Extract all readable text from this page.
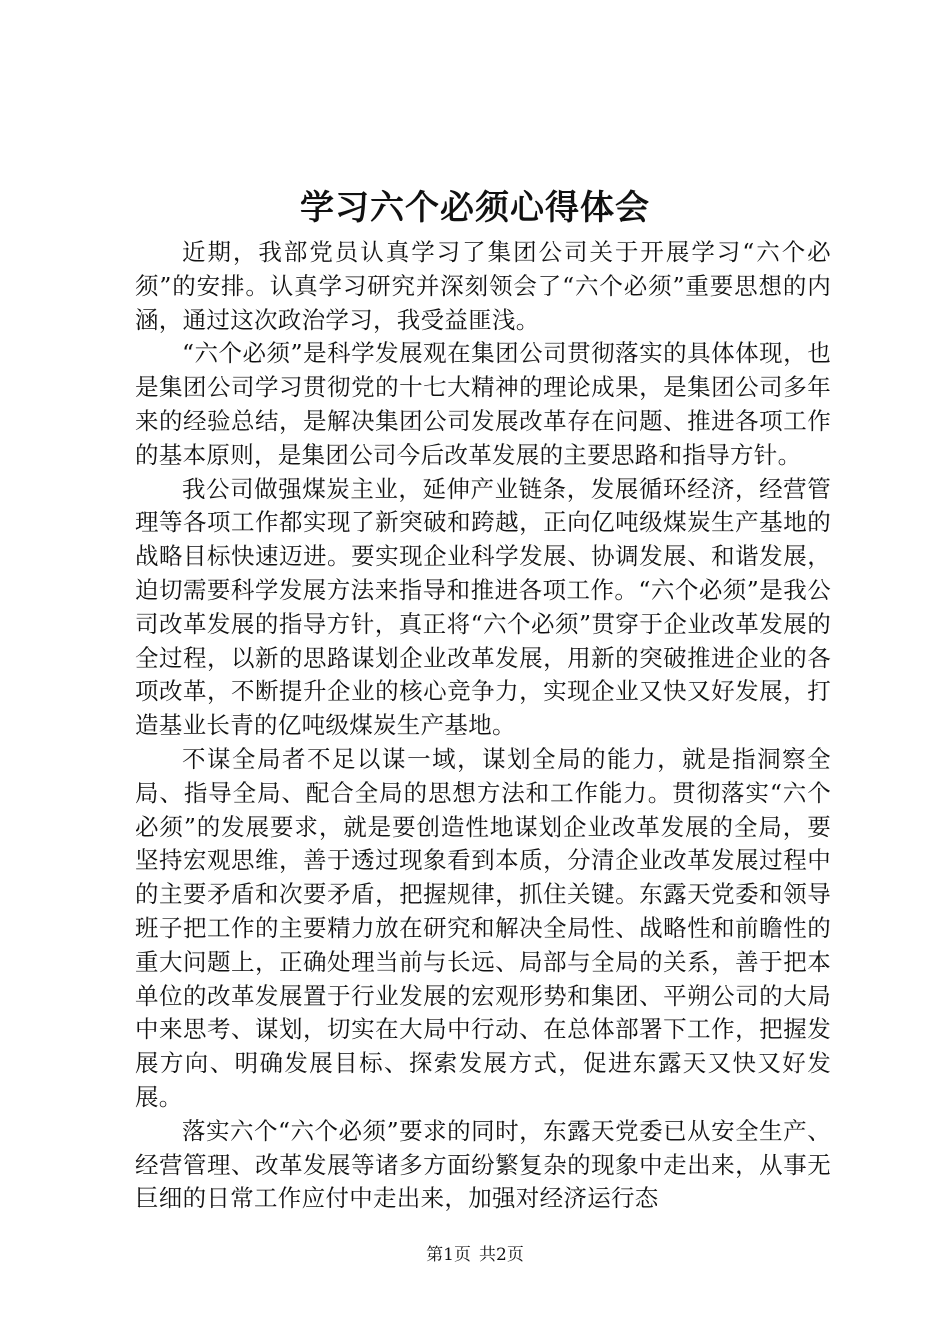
学习六个必须心得体会

近期，我部党员认真学习了集团公司关于开展学习“六个必须”的安排。认真学习研究并深刻领会了“六个必须”重要思想的内涵，通过这次政治学习，我受益匪浅。

“六个必须”是科学发展观在集团公司贯彻落实的具体体现，也是集团公司学习贯彻党的十七大精神的理论成果，是集团公司多年来的经验总结，是解决集团公司发展改革存在问题、推进各项工作的基本原则，是集团公司今后改革发展的主要思路和指导方针。

我公司做强煤炭主业，延伸产业链条，发展循环经济，经营管理等各项工作都实现了新突破和跨越，正向亿吨级煤炭生产基地的战略目标快速迈进。要实现企业科学发展、协调发展、和谐发展，迫切需要科学发展方法来指导和推进各项工作。“六个必须”是我公司改革发展的指导方针，真正将“六个必须”贯穿于企业改革发展的全过程，以新的思路谋划企业改革发展，用新的突破推进企业的各项改革，不断提升企业的核心竞争力，实现企业又快又好发展，打造基业长青的亿吨级煤炭生产基地。

不谋全局者不足以谋一域，谋划全局的能力，就是指洞察全局、指导全局、配合全局的思想方法和工作能力。贯彻落实“六个必须”的发展要求，就是要创造性地谋划企业改革发展的全局，要坚持宏观思维，善于透过现象看到本质，分清企业改革发展过程中的主要矛盾和次要矛盾，把握规律，抓住关键。东露天党委和领导班子把工作的主要精力放在研究和解决全局性、战略性和前瞻性的重大问题上，正确处理当前与长远、局部与全局的关系，善于把本单位的改革发展置于行业发展的宏观形势和集团、平朔公司的大局中来思考、谋划，切实在大局中行动、在总体部署下工作，把握发展方向、明确发展目标、探索发展方式，促进东露天又快又好发展。

落实六个“六个必须”要求的同时，东露天党委已从安全生产、经营管理、改革发展等诸多方面纷繁复杂的现象中走出来，从事无巨细的日常工作应付中走出来，加强对经济运行态

第1页 共2页
